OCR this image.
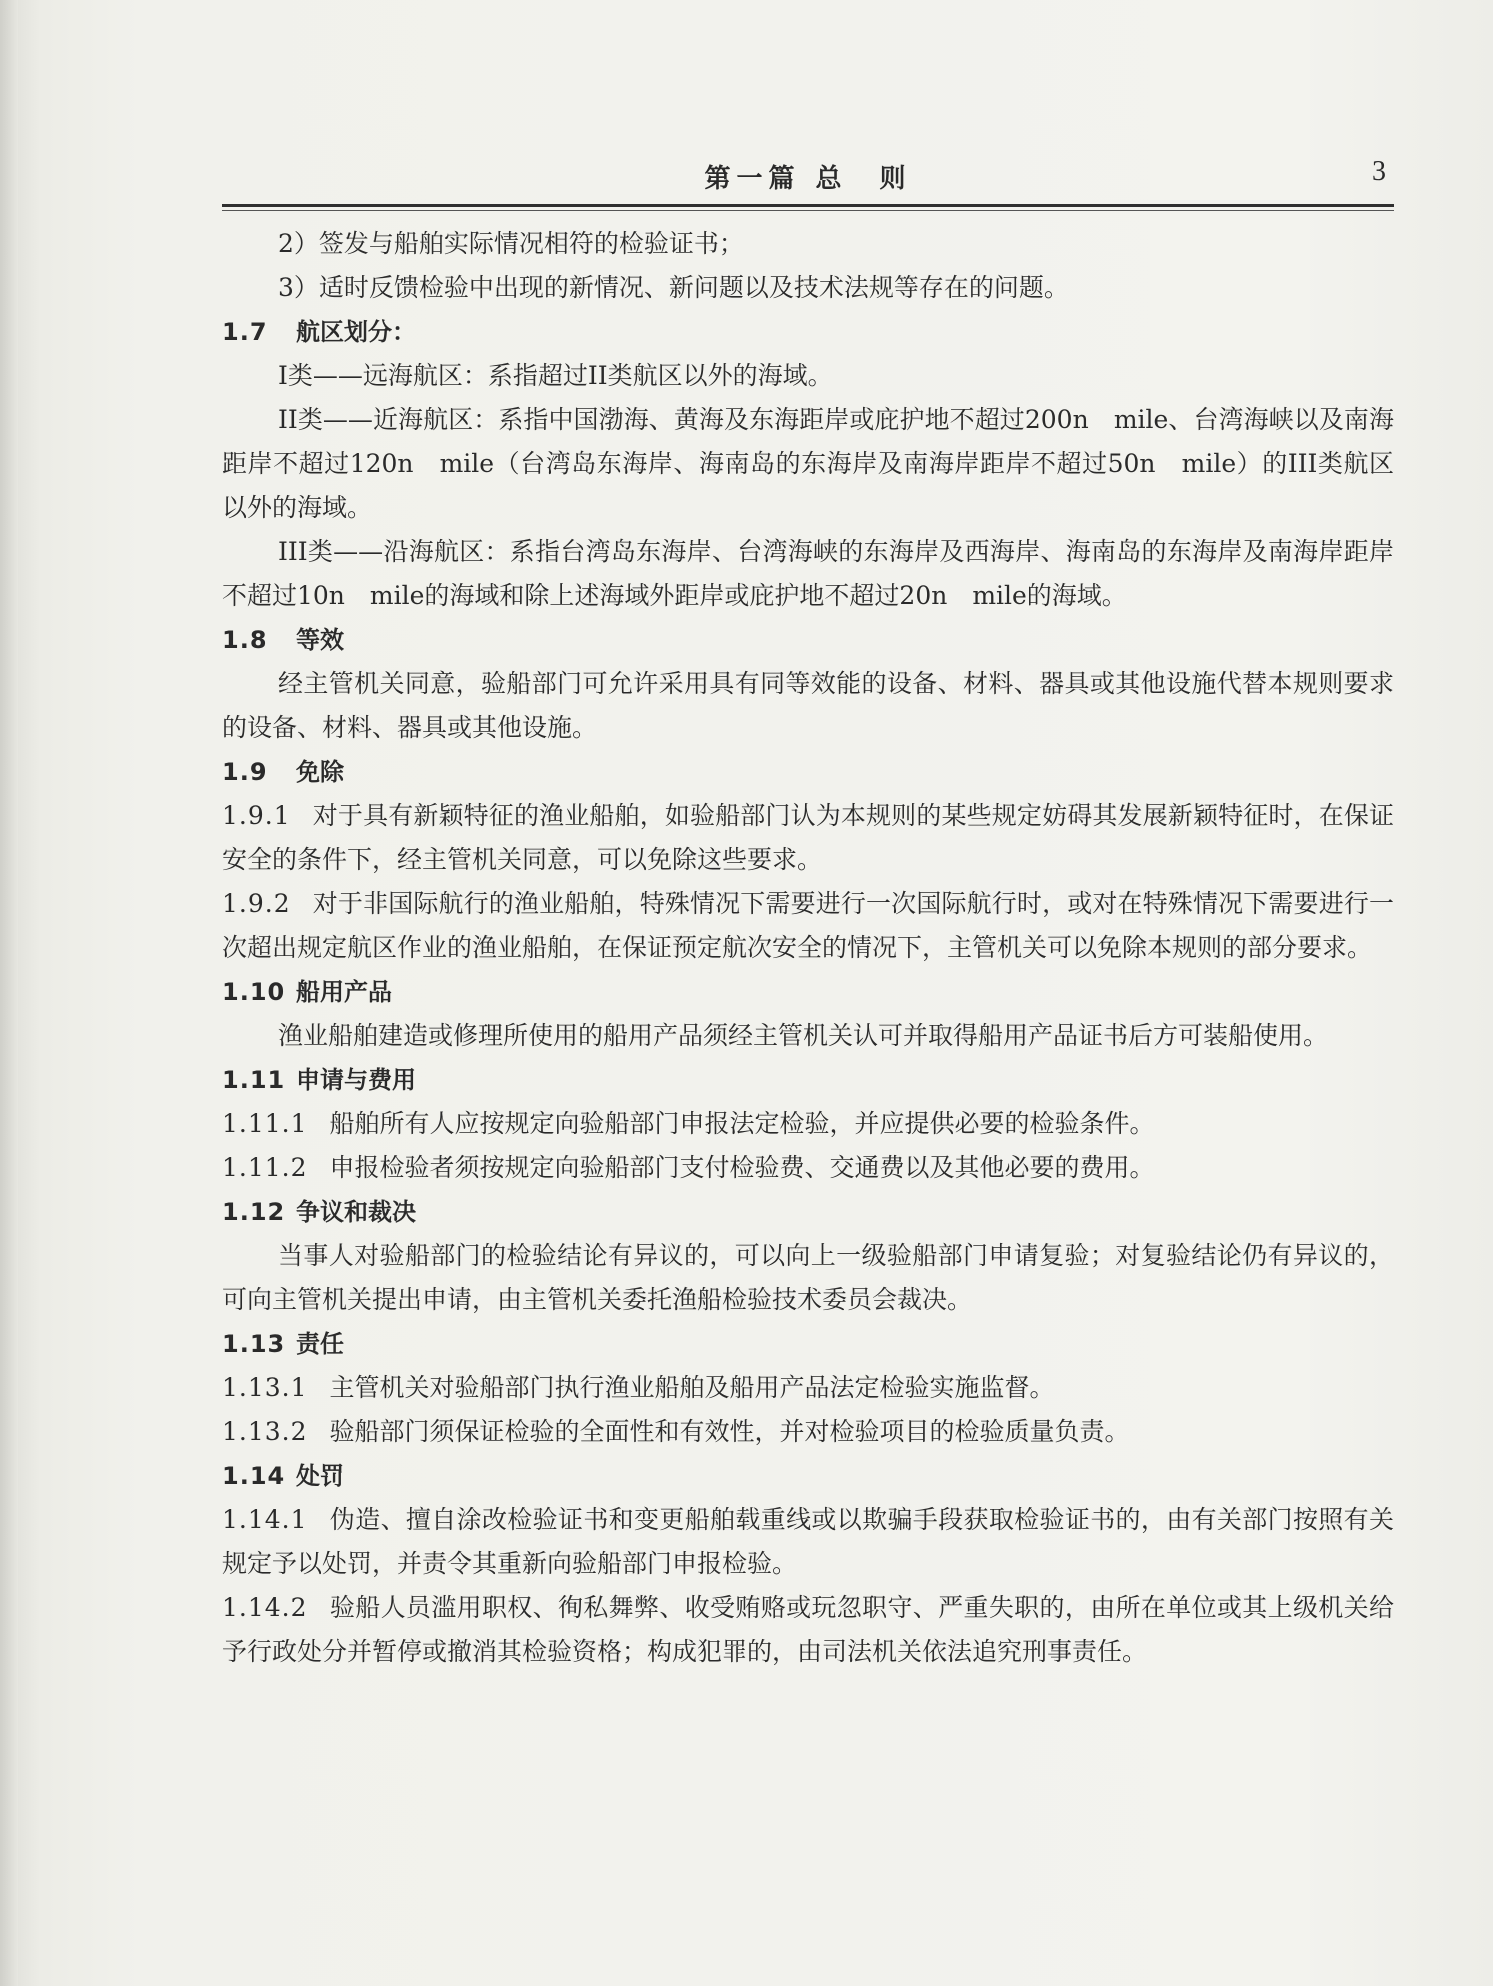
第一篇 总　则	3

2）签发与船舶实际情况相符的检验证书；

3）适时反馈检验中出现的新情况、新问题以及技术法规等存在的问题。

1.7 航区划分：

I类——远海航区：系指超过II类航区以外的海域。

II类——近海航区：系指中国渤海、黄海及东海距岸或庇护地不超过200n　mile、台湾海峡以及南海距岸不超过120n　mile（台湾岛东海岸、海南岛的东海岸及南海岸距岸不超过50n　mile）的III类航区以外的海域。

III类——沿海航区：系指台湾岛东海岸、台湾海峡的东海岸及西海岸、海南岛的东海岸及南海岸距岸不超过10n　mile的海域和除上述海域外距岸或庇护地不超过20n　mile的海域。

1.8 等效

经主管机关同意，验船部门可允许采用具有同等效能的设备、材料、器具或其他设施代替本规则要求的设备、材料、器具或其他设施。

1.9 免除

1.9.1 对于具有新颖特征的渔业船舶，如验船部门认为本规则的某些规定妨碍其发展新颖特征时，在保证安全的条件下，经主管机关同意，可以免除这些要求。

1.9.2 对于非国际航行的渔业船舶，特殊情况下需要进行一次国际航行时，或对在特殊情况下需要进行一次超出规定航区作业的渔业船舶，在保证预定航次安全的情况下，主管机关可以免除本规则的部分要求。

1.10 船用产品

渔业船舶建造或修理所使用的船用产品须经主管机关认可并取得船用产品证书后方可装船使用。

1.11 申请与费用

1.11.1 船舶所有人应按规定向验船部门申报法定检验，并应提供必要的检验条件。

1.11.2 申报检验者须按规定向验船部门支付检验费、交通费以及其他必要的费用。

1.12 争议和裁决

当事人对验船部门的检验结论有异议的，可以向上一级验船部门申请复验；对复验结论仍有异议的，可向主管机关提出申请，由主管机关委托渔船检验技术委员会裁决。

1.13 责任

1.13.1 主管机关对验船部门执行渔业船舶及船用产品法定检验实施监督。

1.13.2 验船部门须保证检验的全面性和有效性，并对检验项目的检验质量负责。

1.14 处罚

1.14.1 伪造、擅自涂改检验证书和变更船舶载重线或以欺骗手段获取检验证书的，由有关部门按照有关规定予以处罚，并责令其重新向验船部门申报检验。

1.14.2 验船人员滥用职权、徇私舞弊、收受贿赂或玩忽职守、严重失职的，由所在单位或其上级机关给予行政处分并暂停或撤消其检验资格；构成犯罪的，由司法机关依法追究刑事责任。
